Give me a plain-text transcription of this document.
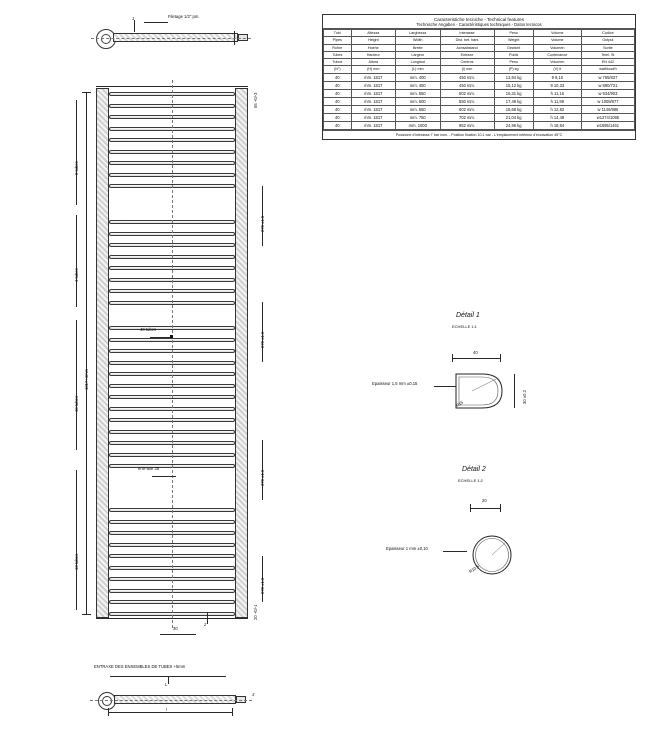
1	Filetage 1/2" pm.
1817+4mm
9 tubes
4 tubes
15 tubes
12 tubes
270 ±1.5
270 ±1.5
270 ±1.5
270 ±1.5
56 +0/-3
20 +0/-1
40 tubes
entr-axe 35
30
2
ENTRAXE DES ENSEMBLES DE TUBES +5mm
L
l
3
Caracteristiche tecniche - Technical features
Technische Angaben - Caractéristiques techniques - Datos tecnicos
Tubi	Altezza	Larghezza	Interasse	Peso	Volume	Codice
Pipes	Height	Width	Dist. bet. bars	Weight	Volume	Output
Rohre	Hoehe	Breite	Achsabstand	Gewicht	Volumen	Sortie
Tubes	Hauteur	Largeur	Entraxe	Poids	Contenance	Teiel. St
Tubos	Altura	Longitud	Centros	Peso	Volumen	EN 442
(N°)	(H) mm	(L) mm	(I) mm	(P) kg	(V) lt	watt/kcal/h
40	mm. 1817	mm. 400	450 mm.	13,94 kg	9 9,10	w 765/837
40	mm. 1817	mm. 450	450 mm.	15,12 kg	9 10,33	w 890/731
40	mm. 1817	mm. 550	502 mm.	16,31 kg	h 11,16	w 934/903
40	mm. 1817	mm. 600	550 mm.	17,49 kg	h 11,99	w 1009/877
40	mm. 1817	mm. 650	602 mm.	18,68 kg	h 12,82	w 1146/986
40	mm. 1817	mm. 750	702 mm.	21,04 kg	h 14,48	w1274/1095
40	mm. 1817	mm. 1000	952 mm.	24,96 kg	h 18,84	w1695/1461
Posizione d'interasse I" bar nom. - Position fixation 10-1 bar - L'emplacement inférieur d'excavation 45°C
Détail 1
ECHELLE 1:1
40
30 ±0.2
Epaisseur 1,5 mm ±0,15
R15
Détail 2
ECHELLE 1:2
20
Epaisseur 1 mm ±0,10
R10,5
